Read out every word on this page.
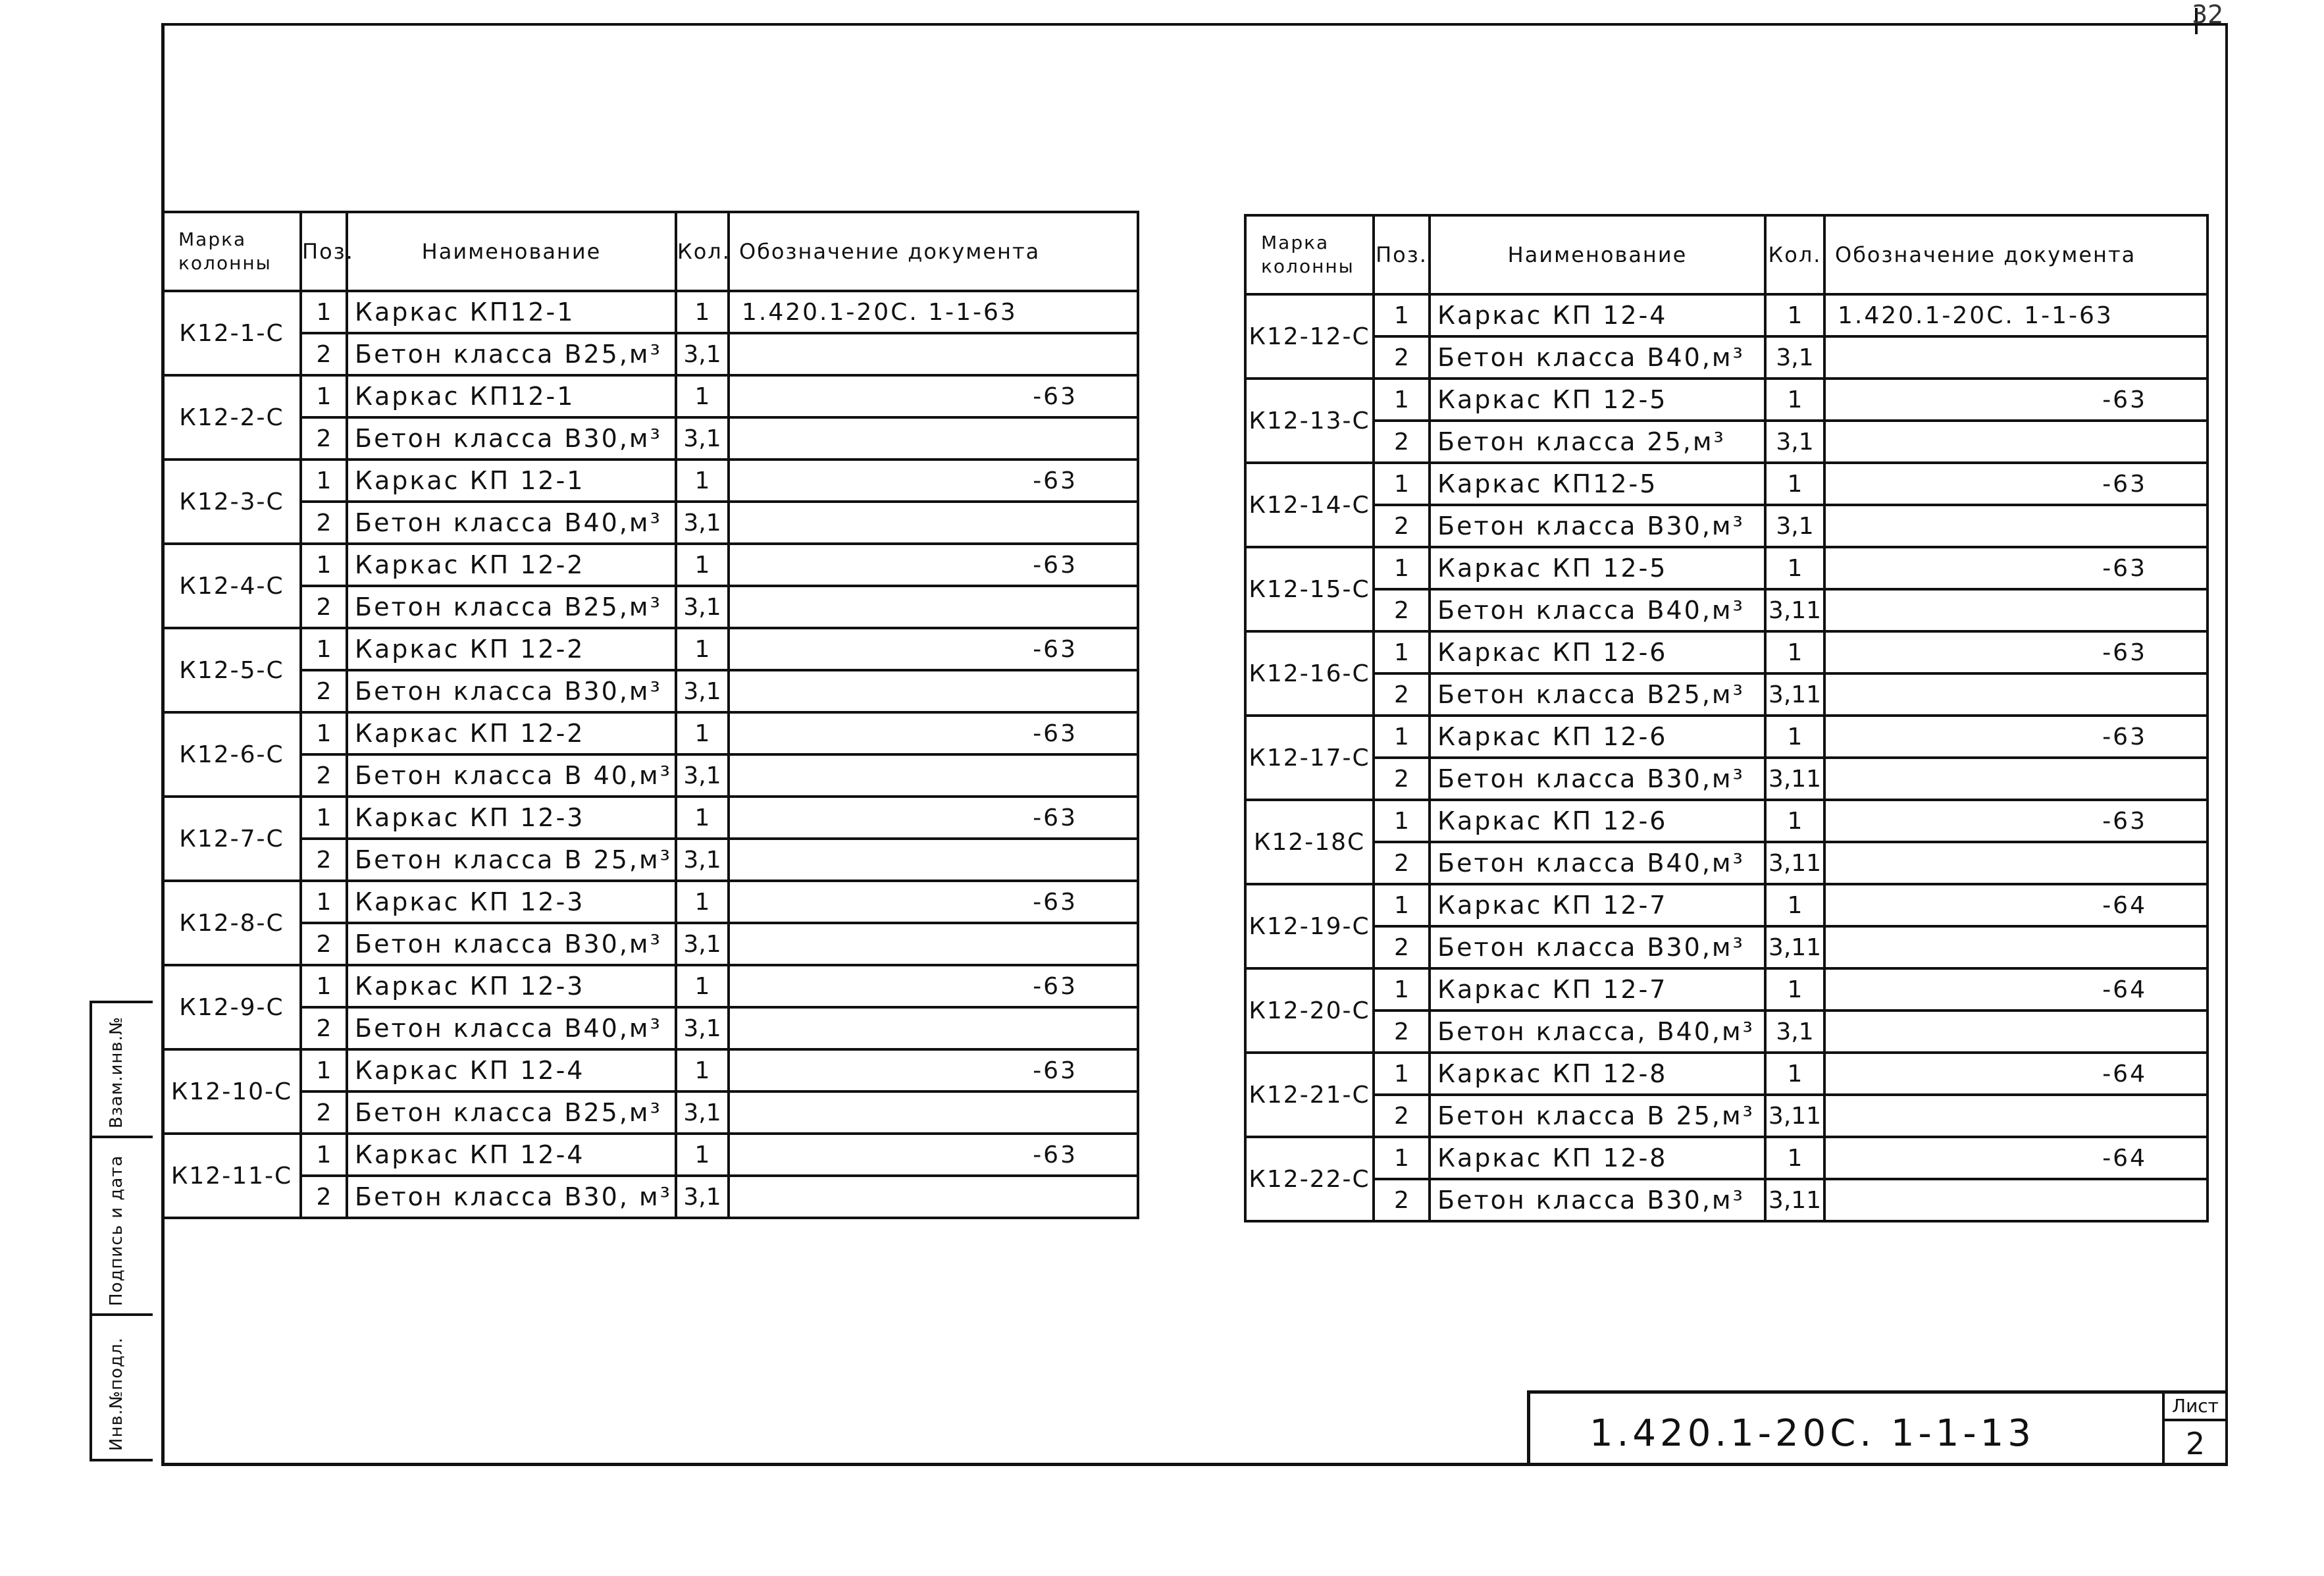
32
Марка колонны	Поз.	Наименование	Кол.	Обозначение документа
К12-1-С	1	Каркас КП12-1	1	1.420.1-20С. 1-1-63
	2	Бетон класса В25,м³	3,1	
К12-2-С	1	Каркас КП12-1	1	-63
	2	Бетон класса В30,м³	3,1	
К12-3-С	1	Каркас КП 12-1	1	-63
	2	Бетон класса В40,м³	3,1	
К12-4-С	1	Каркас КП 12-2	1	-63
	2	Бетон класса В25,м³	3,1	
К12-5-С	1	Каркас КП 12-2	1	-63
	2	Бетон класса В30,м³	3,1	
К12-6-С	1	Каркас КП 12-2	1	-63
	2	Бетон класса В 40,м³	3,1	
К12-7-С	1	Каркас КП 12-3	1	-63
	2	Бетон класса В 25,м³	3,1	
К12-8-С	1	Каркас КП 12-3	1	-63
	2	Бетон класса В30,м³	3,1	
К12-9-С	1	Каркас КП 12-3	1	-63
	2	Бетон класса В40,м³	3,1	
К12-10-С	1	Каркас КП 12-4	1	-63
	2	Бетон класса В25,м³	3,1	
К12-11-С	1	Каркас КП 12-4	1	-63
	2	Бетон класса В30, м³	3,1	
Марка колонны	Поз.	Наименование	Кол.	Обозначение документа
К12-12-С	1	Каркас КП 12-4	1	1.420.1-20С. 1-1-63
	2	Бетон класса В40,м³	3,1	
К12-13-С	1	Каркас КП 12-5	1	-63
	2	Бетон класса 25,м³	3,1	
К12-14-С	1	Каркас КП12-5	1	-63
	2	Бетон класса В30,м³	3,1	
К12-15-С	1	Каркас КП 12-5	1	-63
	2	Бетон класса В40,м³	3,11	
К12-16-С	1	Каркас КП 12-6	1	-63
	2	Бетон класса В25,м³	3,11	
К12-17-С	1	Каркас КП 12-6	1	-63
	2	Бетон класса В30,м³	3,11	
К12-18С	1	Каркас КП 12-6	1	-63
	2	Бетон класса В40,м³	3,11	
К12-19-С	1	Каркас КП 12-7	1	-64
	2	Бетон класса В30,м³	3,11	
К12-20-С	1	Каркас КП 12-7	1	-64
	2	Бетон класса, В40,м³	3,1	
К12-21-С	1	Каркас КП 12-8	1	-64
	2	Бетон класса В 25,м³	3,11	
К12-22-С	1	Каркас КП 12-8	1	-64
	2	Бетон класса В30,м³	3,11	
Взам.инв.№
Подпись и дата
Инв.№подл.	1.420.1-20С. 1-1-13
Лист
2
